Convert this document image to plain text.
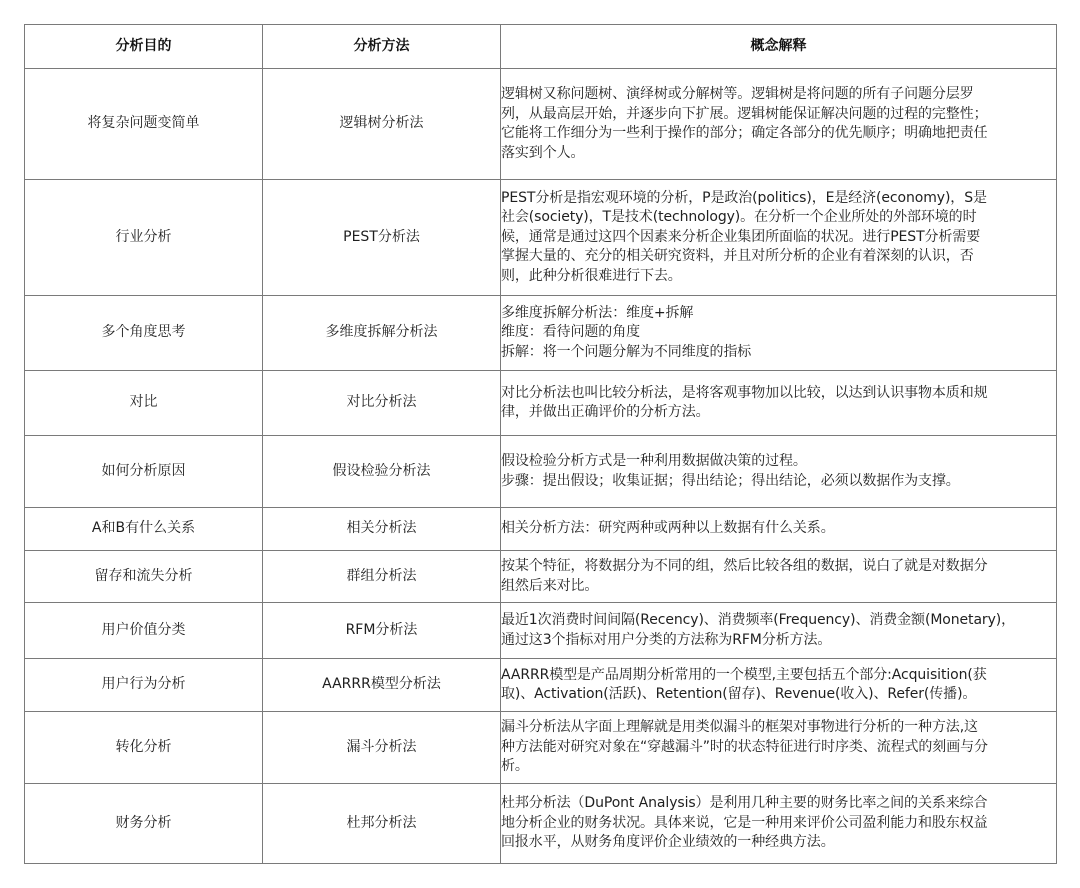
分析目的	分析方法	概念解释
将复杂问题变简单	逻辑树分析法	逻辑树又称问题树、演绎树或分解树等。逻辑树是将问题的所有子问题分层罗
列，从最高层开始，并逐步向下扩展。逻辑树能保证解决问题的过程的完整性；
它能将工作细分为一些利于操作的部分；确定各部分的优先顺序；明确地把责任
落实到个人。
行业分析	PEST分析法	PEST分析是指宏观环境的分析，P是政治(politics)，E是经济(economy)，S是
社会(society)，T是技术(technology)。在分析一个企业所处的外部环境的时
候，通常是通过这四个因素来分析企业集团所面临的状况。进行PEST分析需要
掌握大量的、充分的相关研究资料，并且对所分析的企业有着深刻的认识，否
则，此种分析很难进行下去。
多个角度思考	多维度拆解分析法	多维度拆解分析法：维度+拆解
维度：看待问题的角度
拆解：将一个问题分解为不同维度的指标
对比	对比分析法	对比分析法也叫比较分析法，是将客观事物加以比较，以达到认识事物本质和规
律，并做出正确评价的分析方法。
如何分析原因	假设检验分析法	假设检验分析方式是一种利用数据做决策的过程。
步骤：提出假设；收集证据；得出结论；得出结论，必须以数据作为支撑。
A和B有什么关系	相关分析法	相关分析方法：研究两种或两种以上数据有什么关系。
留存和流失分析	群组分析法	按某个特征，将数据分为不同的组，然后比较各组的数据，说白了就是对数据分
组然后来对比。
用户价值分类	RFM分析法	最近1次消费时间间隔(Recency)、消费频率(Frequency)、消费金额(Monetary)，
通过这3个指标对用户分类的方法称为RFM分析方法。
用户行为分析	AARRR模型分析法	AARRR模型是产品周期分析常用的一个模型,主要包括五个部分:Acquisition(获
取)、Activation(活跃)、Retention(留存)、Revenue(收入)、Refer(传播)。
转化分析	漏斗分析法	漏斗分析法从字面上理解就是用类似漏斗的框架对事物进行分析的一种方法,这
种方法能对研究对象在“穿越漏斗”时的状态特征进行时序类、流程式的刻画与分
析。
财务分析	杜邦分析法	杜邦分析法（DuPont Analysis）是利用几种主要的财务比率之间的关系来综合
地分析企业的财务状况。具体来说，它是一种用来评价公司盈利能力和股东权益
回报水平，从财务角度评价企业绩效的一种经典方法。
